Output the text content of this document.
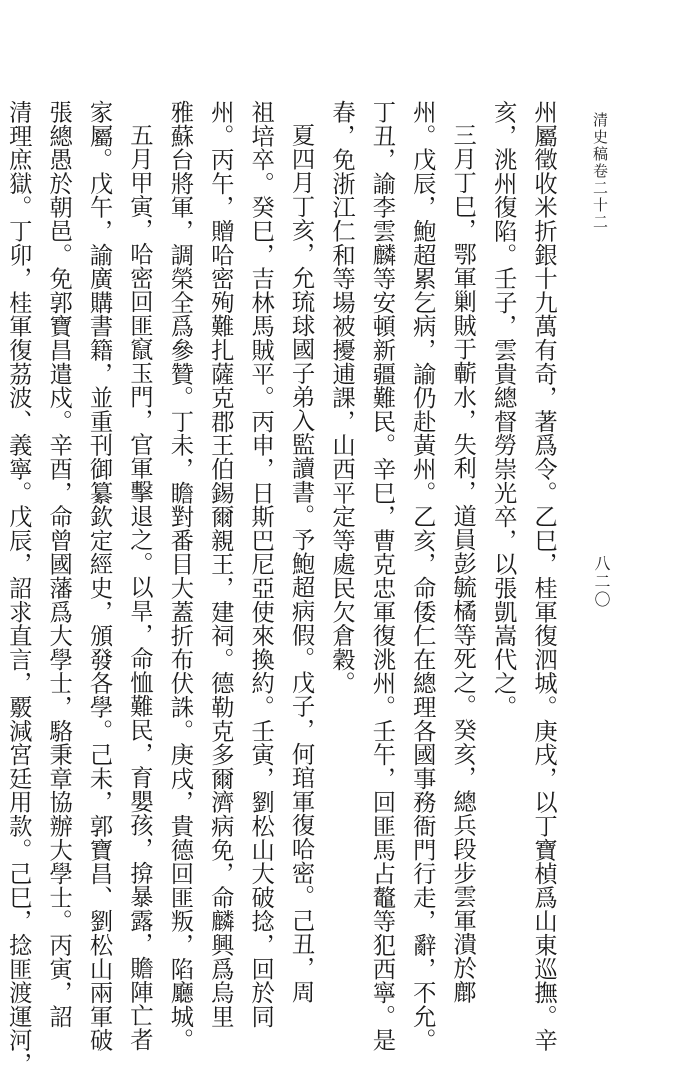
清史稿卷二十二
八二〇
州屬徵收米折銀十九萬有奇，著爲令。乙巳，桂軍復泗城。庚戌，以丁寶楨爲山東巡撫。辛
亥，洮州復陷。壬子，雲貴總督勞崇光卒，以張凱嵩代之。
三月丁巳，鄂軍剿賊于蘄水，失利，道員彭毓橘等死之。癸亥，總兵段步雲軍潰於鄜
州。戊辰，鮑超累乞病，諭仍赴黃州。乙亥，命倭仁在總理各國事務衙門行走，辭，不允。
丁丑，諭李雲麟等安頓新疆難民。辛巳，曹克忠軍復洮州。壬午，回匪馬占鼇等犯西寧。是
春，免浙江仁和等場被擾逋課，山西平定等處民欠倉穀。
夏四月丁亥，允琉球國子弟入監讀書。予鮑超病假。戊子，何琯軍復哈密。己丑，周
祖培卒。癸巳，吉林馬賊平。丙申，日斯巴尼亞使來換約。壬寅，劉松山大破捻，回於同
州。丙午，贈哈密殉難扎薩克郡王伯錫爾親王，建祠。德勒克多爾濟病免，命麟興爲烏里
雅蘇台將軍，調榮全爲參贊。丁未，瞻對番目大蓋折布伏誅。庚戌，貴德回匪叛，陷廳城。
五月甲寅，哈密回匪竄玉門，官軍擊退之。以旱，命恤難民，育嬰孩，揜暴露，贍陣亡者
家屬。戊午，諭廣購書籍，並重刊御纂欽定經史，頒發各學。己未，郭寶昌、劉松山兩軍破
張總愚於朝邑。免郭寶昌遣戍。辛酉，命曾國藩爲大學士，駱秉章協辦大學士。丙寅，詔
清理庶獄。丁卯，桂軍復茘波、義寧。戊辰，詔求直言，覈減宮廷用款。己巳，捻匪渡運河，
